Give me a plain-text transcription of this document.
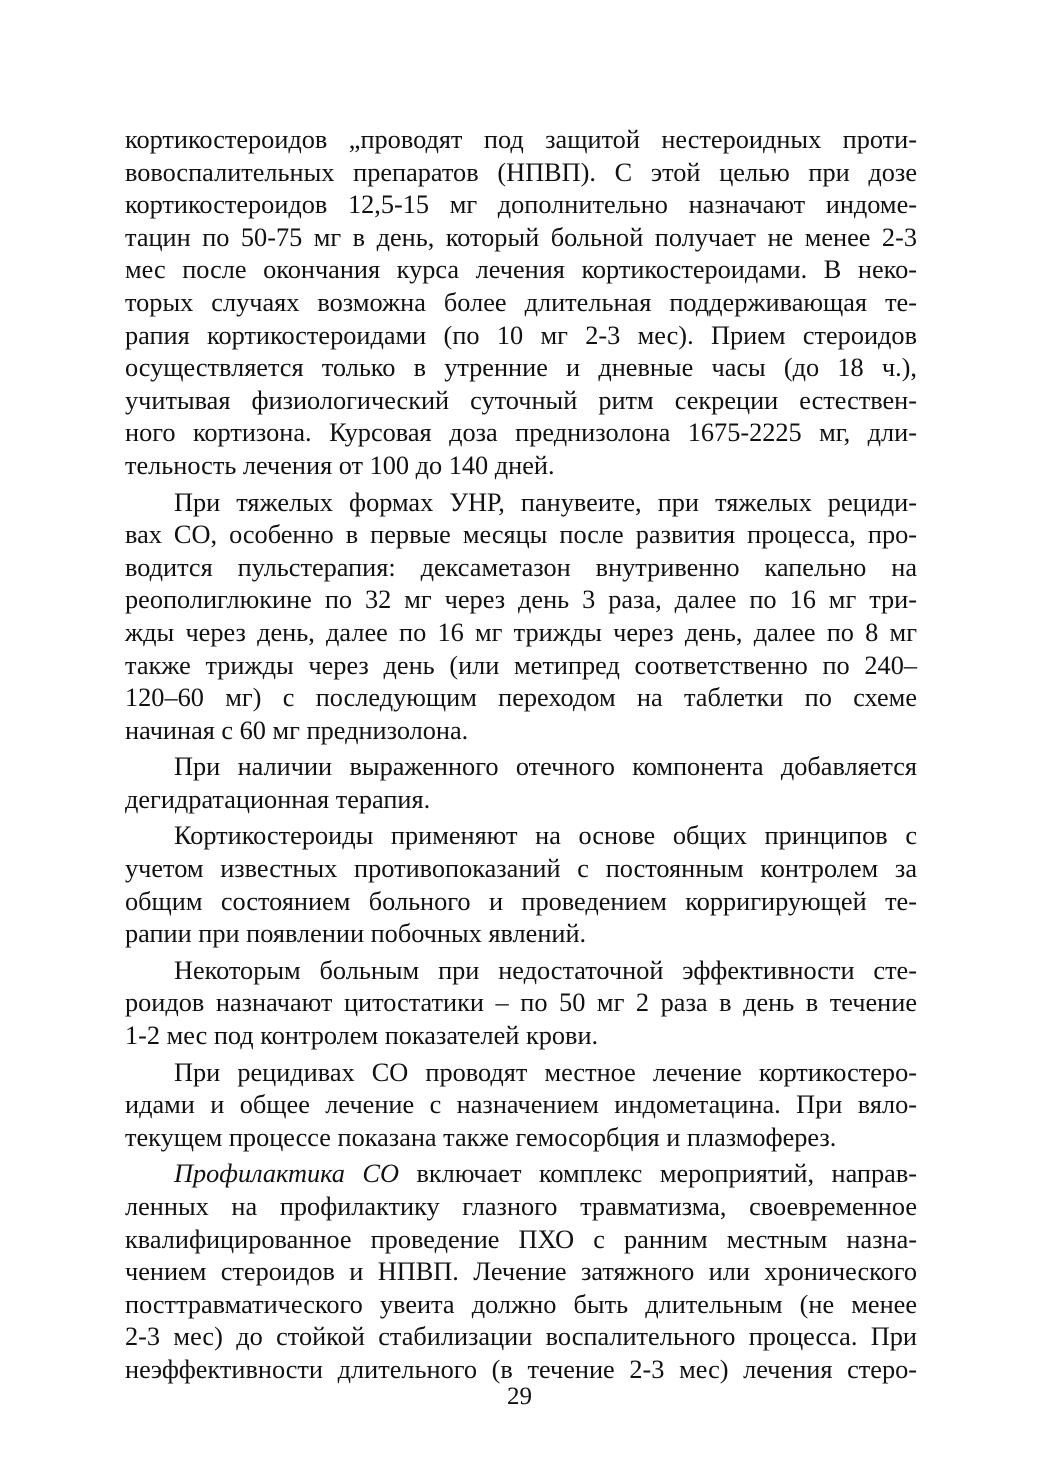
кортикостероидов „проводят под защитой нестероидных проти-
вовоспалительных препаратов (НПВП). С этой целью при дозе
кортикостероидов 12,5-15 мг дополнительно назначают индоме-
тацин по 50-75 мг в день, который больной получает не менее 2-3
мес после окончания курса лечения кортикостероидами. В неко-
торых случаях возможна более длительная поддерживающая те-
рапия кортикостероидами (по 10 мг 2-3 мес). Прием стероидов
осуществляется только в утренние и дневные часы (до 18 ч.),
учитывая физиологический суточный ритм секреции естествен-
ного кортизона. Курсовая доза преднизолона 1675-2225 мг, дли-
тельность лечения от 100 до 140 дней.
При тяжелых формах УНР, панувеите, при тяжелых рециди-
вах СО, особенно в первые месяцы после развития процесса, про-
водится пульстерапия: дексаметазон внутривенно капельно на
реополиглюкине по 32 мг через день 3 раза, далее по 16 мг три-
жды через день, далее по 16 мг трижды через день, далее по 8 мг
также трижды через день (или метипред соответственно по 240–
120–60 мг) с последующим переходом на таблетки по схеме
начиная с 60 мг преднизолона.
При наличии выраженного отечного компонента добавляется
дегидратационная терапия.
Кортикостероиды применяют на основе общих принципов с
учетом известных противопоказаний с постоянным контролем за
общим состоянием больного и проведением корригирующей те-
рапии при появлении побочных явлений.
Некоторым больным при недостаточной эффективности сте-
роидов назначают цитостатики – по 50 мг 2 раза в день в течение
1-2 мес под контролем показателей крови.
При рецидивах СО проводят местное лечение кортикостеро-
идами и общее лечение с назначением индометацина. При вяло-
текущем процессе показана также гемосорбция и плазмоферез.
Профилактика СО включает комплекс мероприятий, направ-
ленных на профилактику глазного травматизма, своевременное
квалифицированное проведение ПХО с ранним местным назна-
чением стероидов и НПВП. Лечение затяжного или хронического
посттравматического увеита должно быть длительным (не менее
2-3 мес) до стойкой стабилизации воспалительного процесса. При
неэффективности длительного (в течение 2-3 мес) лечения стеро-
29
